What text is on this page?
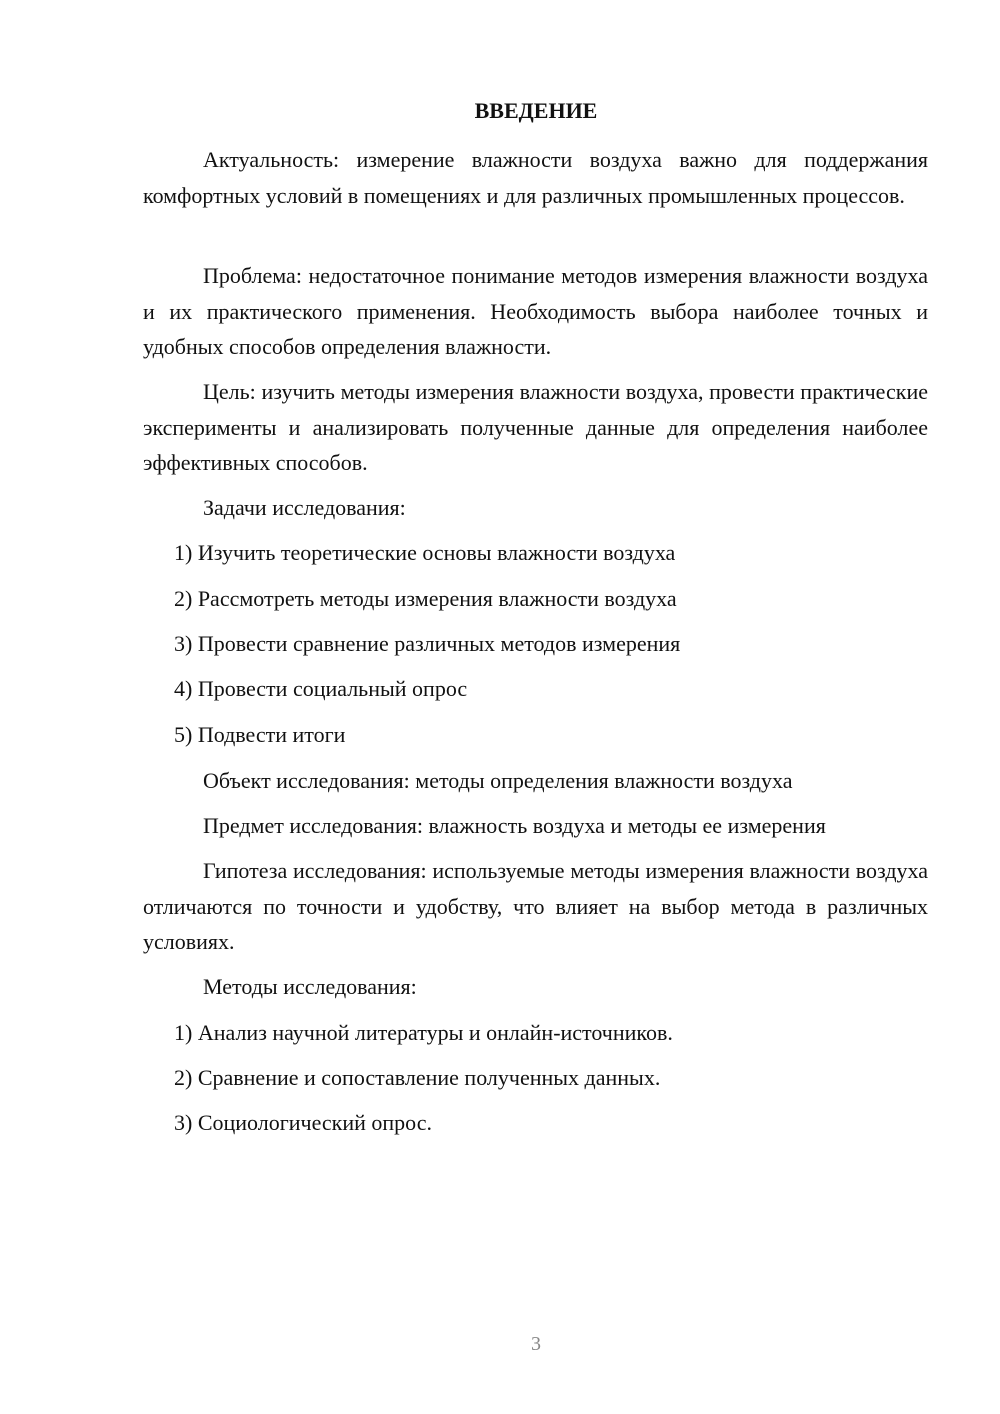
ВВЕДЕНИЕ

Актуальность: измерение влажности воздуха важно для поддержания комфортных условий в помещениях и для различных промышленных процессов.

Проблема: недостаточное понимание методов измерения влажности воздуха и их практического применения. Необходимость выбора наиболее точных и удобных способов определения влажности.

Цель: изучить методы измерения влажности воздуха, провести практические эксперименты и анализировать полученные данные для определения наиболее эффективных способов.

Задачи исследования:
1) Изучить теоретические основы влажности воздуха
2) Рассмотреть методы измерения влажности воздуха
3) Провести сравнение различных методов измерения
4) Провести социальный опрос
5) Подвести итоги
Объект исследования: методы определения влажности воздуха
Предмет исследования: влажность воздуха и методы ее измерения

Гипотеза исследования: используемые методы измерения влажности воздуха отличаются по точности и удобству, что влияет на выбор метода в различных условиях.

Методы исследования:
1) Анализ научной литературы и онлайн-источников.
2) Сравнение и сопоставление полученных данных.
3) Социологический опрос.
3
